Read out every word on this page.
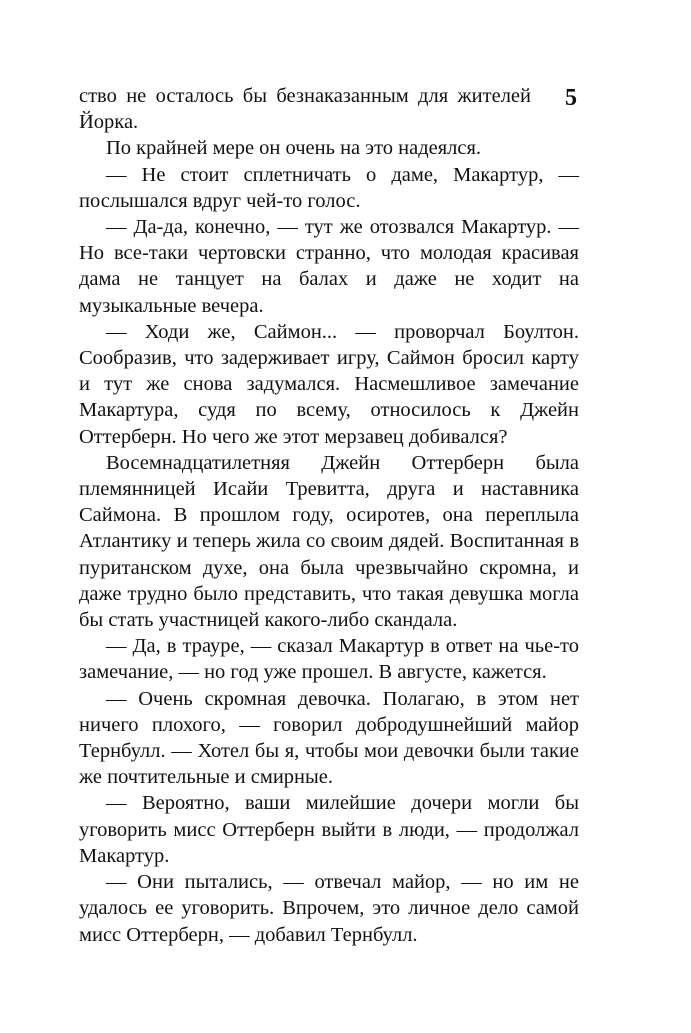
5

ство не осталось бы безнаказанным для жителей Йорка.

По крайней мере он очень на это надеялся.

— Не стоит сплетничать о даме, Макартур, — послышался вдруг чей-то голос.

— Да-да, конечно, — тут же отозвался Макартур. — Но все-таки чертовски странно, что молодая красивая дама не танцует на балах и даже не ходит на музыкальные вечера.

— Ходи же, Саймон... — проворчал Боултон. Сообразив, что задерживает игру, Саймон бросил карту и тут же снова задумался. Насмешливое замечание Макартура, судя по всему, относилось к Джейн Оттерберн. Но чего же этот мерзавец добивался?

Восемнадцатилетняя Джейн Оттерберн была племянницей Исайи Тревитта, друга и наставника Саймона. В прошлом году, осиротев, она переплыла Атлантику и теперь жила со своим дядей. Воспитанная в пуританском духе, она была чрезвычайно скромна, и даже трудно было представить, что такая девушка могла бы стать участницей какого-либо скандала.

— Да, в трауре, — сказал Макартур в ответ на чье-то замечание, — но год уже прошел. В августе, кажется.

— Очень скромная девочка. Полагаю, в этом нет ничего плохого, — говорил добродушнейший майор Тернбулл. — Хотел бы я, чтобы мои девочки были такие же почтительные и смирные.

— Вероятно, ваши милейшие дочери могли бы уговорить мисс Оттерберн выйти в люди, — продолжал Макартур.

— Они пытались, — отвечал майор, — но им не удалось ее уговорить. Впрочем, это личное дело самой мисс Оттерберн, — добавил Тернбулл.
